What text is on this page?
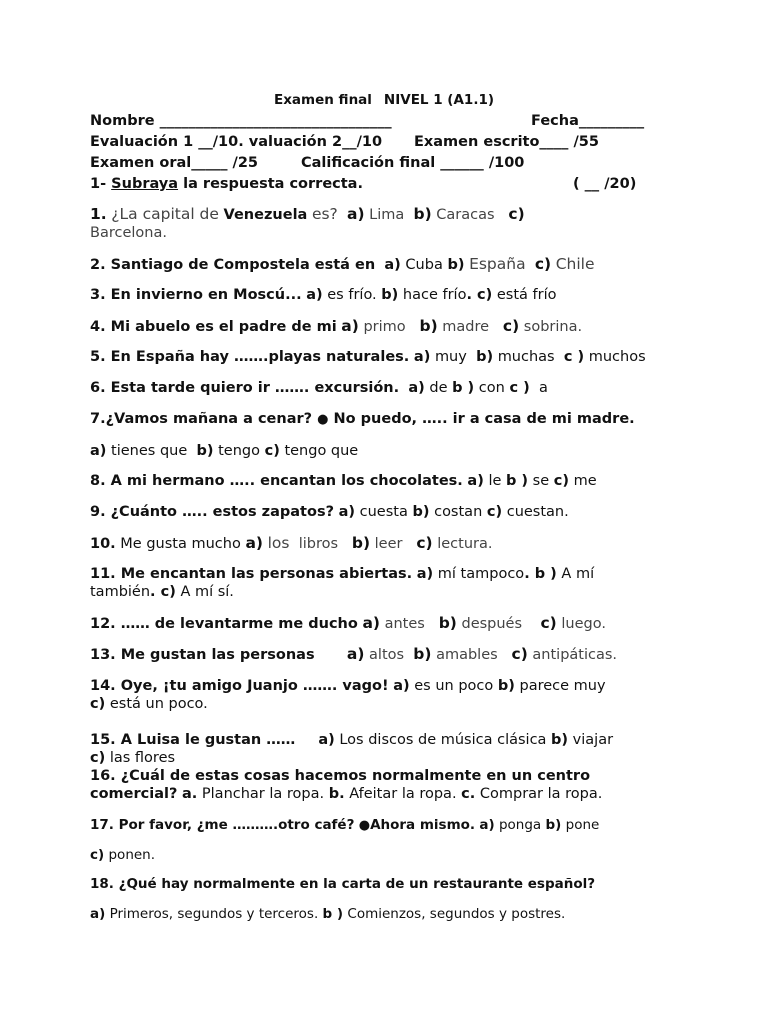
Examen final NIVEL 1 (A1.1)
Nombre ________________________________	Fecha_________
Evaluación 1 __/10. valuación 2__/10 Examen escrito____ /55
Examen oral_____ /25	Calificación final ______ /100
1- Subraya la respuesta correcta.	( __ /20)
1. ¿La capital de Venezuela es? a) Lima b) Caracas c)
Barcelona.
2. Santiago de Compostela está en a) Cuba b) España c) Chile
3. En invierno en Moscú... a) es frío. b) hace frío. c) está frío
4. Mi abuelo es el padre de mi a) primo b) madre c) sobrina.
5. En España hay …….playas naturales. a) muy b) muchas c ) muchos
6. Esta tarde quiero ir ……. excursión. a) de b ) con c ) a
7.¿Vamos mañana a cenar? ● No puedo, ….. ir a casa de mi madre.
a) tienes que b) tengo c) tengo que
8. A mi hermano ….. encantan los chocolates. a) le b ) se c) me
9. ¿Cuánto ….. estos zapatos? a) cuesta b) costan c) cuestan.
10. Me gusta mucho a) los libros b) leer c) lectura.
11. Me encantan las personas abiertas. a) mí tampoco. b ) A mí
también. c) A mí sí.
12. …… de levantarme me ducho a) antes b) después c) luego.
13. Me gustan las personas a) altos b) amables c) antipáticas.
14. Oye, ¡tu amigo Juanjo ……. vago! a) es un poco b) parece muy
c) está un poco.
15. A Luisa le gustan …… a) Los discos de música clásica b) viajar
c) las flores
16. ¿Cuál de estas cosas hacemos normalmente en un centro
comercial? a. Planchar la ropa. b. Afeitar la ropa. c. Comprar la ropa.
17. Por favor, ¿me ……….otro café? ●Ahora mismo. a) ponga b) pone
c) ponen.
18. ¿Qué hay normalmente en la carta de un restaurante español?
a) Primeros, segundos y terceros. b ) Comienzos, segundos y postres.
